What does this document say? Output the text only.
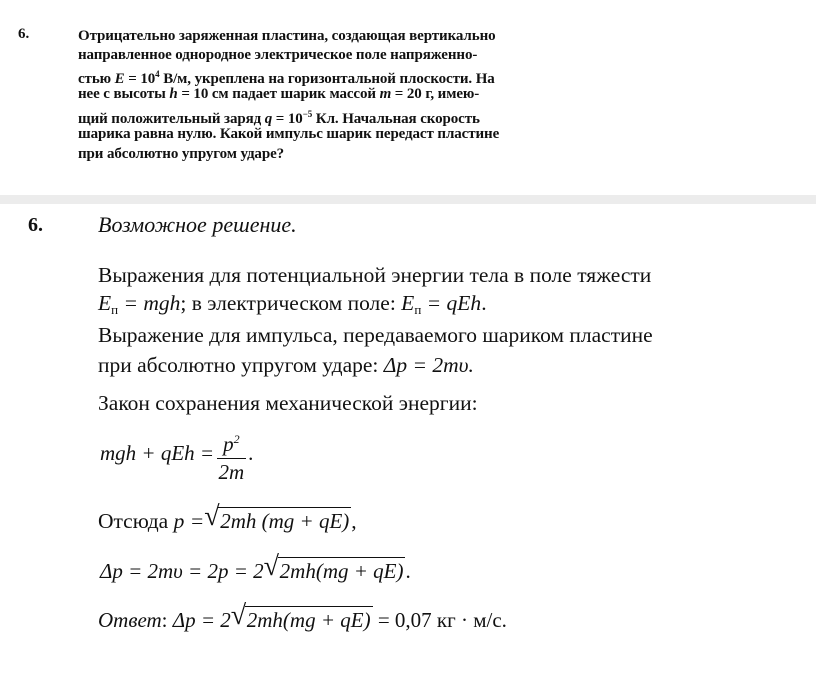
6.	Отрицательно заряженная пластина, создающая вертикально
направленное однородное электрическое поле напряженно-
стью $E = 10^4$ В/м, укреплена на горизонтальной плоскости. На
нее с высоты h = 10 см падает шарик массой m = 20 г, имею-
щий положительный заряд $q = 10^{-5}$ Кл. Начальная скорость
шарика равна нулю. Какой импульс шарик передаст пластине
при абсолютно упругом ударе?
6.	Возможное решение.
Выражения для потенциальной энергии тела в поле тяжести
$E_п$ = mgh; в электрическом поле: $E_п$ = qEh.
Выражение для импульса, передаваемого шариком пластине
при абсолютно упругом ударе: Δp = 2mυ.
Закон сохранения механической энергии:
mgh + qEh = $\frac{p^2}{2m}$ .
Отсюда p = √ 2mh (mg + qE),
Δp = 2mυ = 2p = 2 √ 2mh(mg + qE).
Ответ: Δp = 2 √ 2mh(mg + qE) = 0,07 кг · м/с.
